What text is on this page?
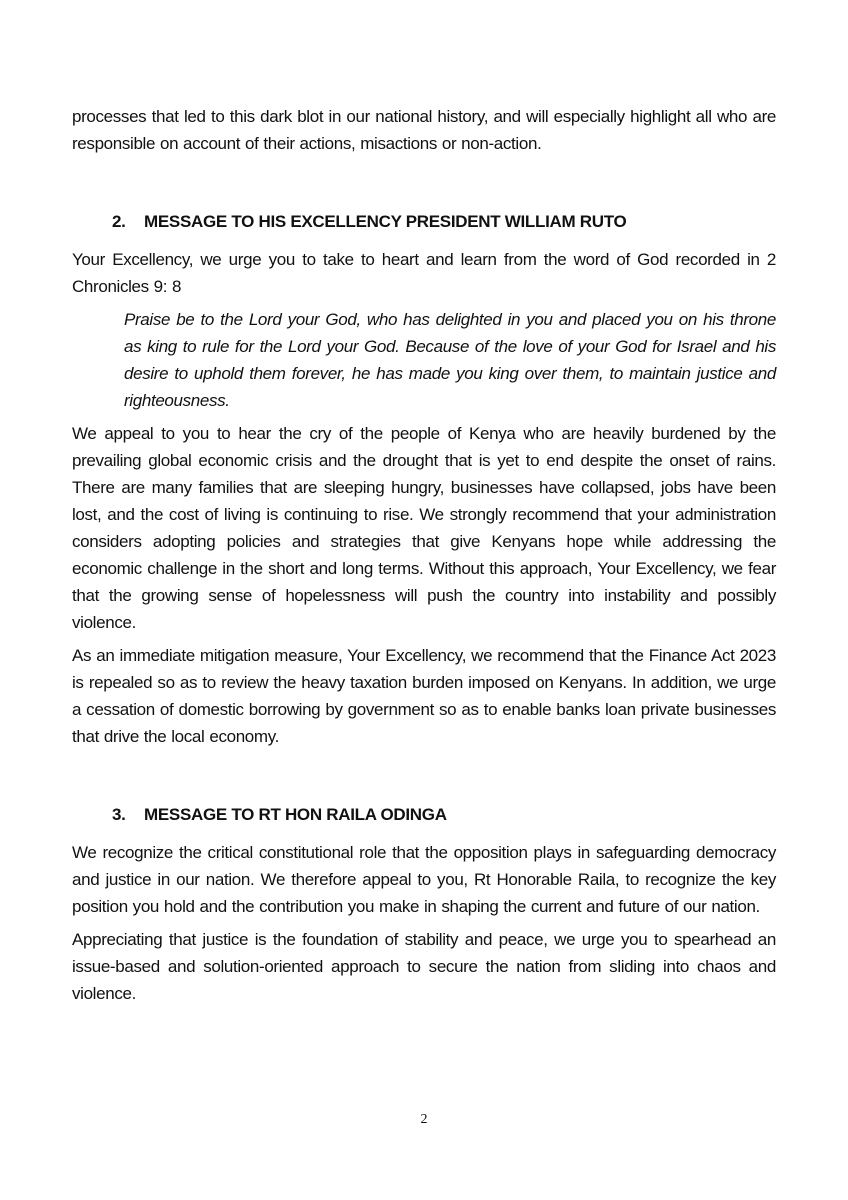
processes that led to this dark blot in our national history, and will especially highlight all who are responsible on account of their actions, misactions or non-action.

2. MESSAGE TO HIS EXCELLENCY PRESIDENT WILLIAM RUTO

Your Excellency, we urge you to take to heart and learn from the word of God recorded in 2 Chronicles 9: 8

Praise be to the Lord your God, who has delighted in you and placed you on his throne as king to rule for the Lord your God. Because of the love of your God for Israel and his desire to uphold them forever, he has made you king over them, to maintain justice and righteousness.

We appeal to you to hear the cry of the people of Kenya who are heavily burdened by the prevailing global economic crisis and the drought that is yet to end despite the onset of rains. There are many families that are sleeping hungry, businesses have collapsed, jobs have been lost, and the cost of living is continuing to rise. We strongly recommend that your administration considers adopting policies and strategies that give Kenyans hope while addressing the economic challenge in the short and long terms. Without this approach, Your Excellency, we fear that the growing sense of hopelessness will push the country into instability and possibly violence.

As an immediate mitigation measure, Your Excellency, we recommend that the Finance Act 2023 is repealed so as to review the heavy taxation burden imposed on Kenyans. In addition, we urge a cessation of domestic borrowing by government so as to enable banks loan private businesses that drive the local economy.

3. MESSAGE TO RT HON RAILA ODINGA

We recognize the critical constitutional role that the opposition plays in safeguarding democracy and justice in our nation. We therefore appeal to you, Rt Honorable Raila, to recognize the key position you hold and the contribution you make in shaping the current and future of our nation.

Appreciating that justice is the foundation of stability and peace, we urge you to spearhead an issue-based and solution-oriented approach to secure the nation from sliding into chaos and violence.

2
